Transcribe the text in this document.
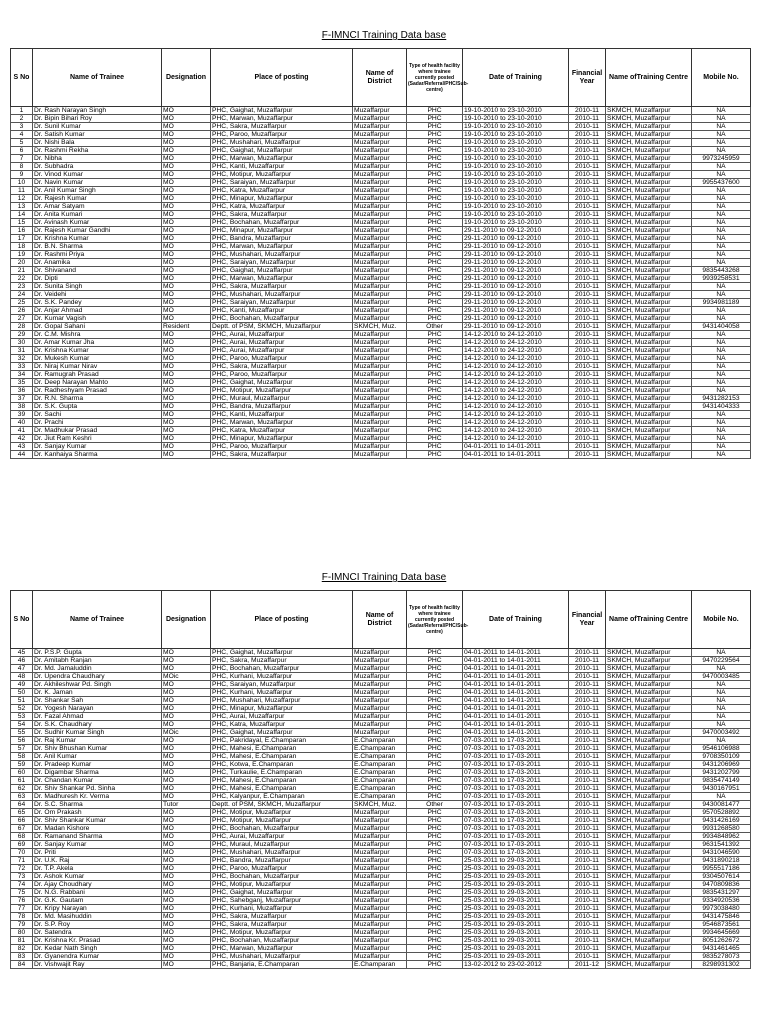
F-IMNCI Training Data base
S No	Name of Trainee	Designation	Place of posting	Name of District	Type of health facility where trainee currently posted (Sadar/Referral/PHC/Sub-centre)	Date of Training	Financial Year	Name ofTraining Centre	Mobile No.
1	Dr. Rash Narayan Singh	MO	PHC, Gaighat, Muzaffarpur	Muzaffarpur	PHC	19-10-2010 to 23-10-2010	2010-11	SKMCH, Muzaffarpur	NA
2	Dr. Bipin Bihari Roy	MO	PHC, Marwan, Muzaffarpur	Muzaffarpur	PHC	19-10-2010 to 23-10-2010	2010-11	SKMCH, Muzaffarpur	NA
3	Dr. Sunil Kumar	MO	PHC, Sakra, Muzaffarpur	Muzaffarpur	PHC	19-10-2010 to 23-10-2010	2010-11	SKMCH, Muzaffarpur	NA
4	Dr. Satish Kumar	MO	PHC, Paroo, Muzaffarpur	Muzaffarpur	PHC	19-10-2010 to 23-10-2010	2010-11	SKMCH, Muzaffarpur	NA
5	Dr. Nishi Bala	MO	PHC, Mushahari, Muzaffarpur	Muzaffarpur	PHC	19-10-2010 to 23-10-2010	2010-11	SKMCH, Muzaffarpur	NA
6	Dr. Rashmi Rekha	MO	PHC, Gaighat, Muzaffarpur	Muzaffarpur	PHC	19-10-2010 to 23-10-2010	2010-11	SKMCH, Muzaffarpur	NA
7	Dr. Nibha	MO	PHC, Marwan, Muzaffarpur	Muzaffarpur	PHC	19-10-2010 to 23-10-2010	2010-11	SKMCH, Muzaffarpur	9973245959
8	Dr. Subhadra	MO	PHC, Kanti, Muzaffarpur	Muzaffarpur	PHC	19-10-2010 to 23-10-2010	2010-11	SKMCH, Muzaffarpur	NA
9	Dr. Vinod Kumar	MO	PHC, Motipur, Muzaffarpur	Muzaffarpur	PHC	19-10-2010 to 23-10-2010	2010-11	SKMCH, Muzaffarpur	NA
10	Dr. Navin Kumar	MO	PHC, Saraiyan, Muzaffarpur	Muzaffarpur	PHC	19-10-2010 to 23-10-2010	2010-11	SKMCH, Muzaffarpur	9955437600
11	Dr. Anil Kumar Singh	MO	PHC, Katra, Muzaffarpur	Muzaffarpur	PHC	19-10-2010 to 23-10-2010	2010-11	SKMCH, Muzaffarpur	NA
12	Dr. Rajesh Kumar	MO	PHC, Minapur, Muzaffarpur	Muzaffarpur	PHC	19-10-2010 to 23-10-2010	2010-11	SKMCH, Muzaffarpur	NA
13	Dr. Amar Satyam	MO	PHC, Katra, Muzaffarpur	Muzaffarpur	PHC	19-10-2010 to 23-10-2010	2010-11	SKMCH, Muzaffarpur	NA
14	Dr. Anita Kumari	MO	PHC, Sakra, Muzaffarpur	Muzaffarpur	PHC	19-10-2010 to 23-10-2010	2010-11	SKMCH, Muzaffarpur	NA
15	Dr. Avinash Kumar	MO	PHC, Bochahan, Muzaffarpur	Muzaffarpur	PHC	19-10-2010 to 23-10-2010	2010-11	SKMCH, Muzaffarpur	NA
16	Dr. Rajesh Kumar Gandhi	MO	PHC, Minapur, Muzaffarpur	Muzaffarpur	PHC	29-11-2010 to 09-12-2010	2010-11	SKMCH, Muzaffarpur	NA
17	Dr. Krishna Kumar	MO	PHC, Bandra, Muzaffarpur	Muzaffarpur	PHC	29-11-2010 to 09-12-2010	2010-11	SKMCH, Muzaffarpur	NA
18	Dr. B.N. Sharma	MO	PHC, Marwan, Muzaffarpur	Muzaffarpur	PHC	29-11-2010 to 09-12-2010	2010-11	SKMCH, Muzaffarpur	NA
19	Dr. Rashmi Priya	MO	PHC, Mushahari, Muzaffarpur	Muzaffarpur	PHC	29-11-2010 to 09-12-2010	2010-11	SKMCH, Muzaffarpur	NA
20	Dr. Anamika	MO	PHC, Saraiyan, Muzaffarpur	Muzaffarpur	PHC	29-11-2010 to 09-12-2010	2010-11	SKMCH, Muzaffarpur	NA
21	Dr. Shivanand	MO	PHC, Gaighat, Muzaffarpur	Muzaffarpur	PHC	29-11-2010 to 09-12-2010	2010-11	SKMCH, Muzaffarpur	9835443268
22	Dr. Dipti	MO	PHC, Marwan, Muzaffarpur	Muzaffarpur	PHC	29-11-2010 to 09-12-2010	2010-11	SKMCH, Muzaffarpur	9939258531
23	Dr. Sunita Singh	MO	PHC, Sakra, Muzaffarpur	Muzaffarpur	PHC	29-11-2010 to 09-12-2010	2010-11	SKMCH, Muzaffarpur	NA
24	Dr. Veidehi	MO	PHC, Mushahari, Muzaffarpur	Muzaffarpur	PHC	29-11-2010 to 09-12-2010	2010-11	SKMCH, Muzaffarpur	NA
25	Dr. S.K. Pandey	MO	PHC, Saraiyan, Muzaffarpur	Muzaffarpur	PHC	29-11-2010 to 09-12-2010	2010-11	SKMCH, Muzaffarpur	9934981189
26	Dr. Anjar Ahmad	MO	PHC, Kanti, Muzaffarpur	Muzaffarpur	PHC	29-11-2010 to 09-12-2010	2010-11	SKMCH, Muzaffarpur	NA
27	Dr. Kumar Vagish	MO	PHC, Bochahan, Muzaffarpur	Muzaffarpur	PHC	29-11-2010 to 09-12-2010	2010-11	SKMCH, Muzaffarpur	NA
28	Dr. Gopal Sahani	Resident	Deptt. of PSM, SKMCH, Muzaffarpur	SKMCH, Muz.	Other	29-11-2010 to 09-12-2010	2010-11	SKMCH, Muzaffarpur	9431404058
29	Dr. C.M. Mishra	MO	PHC, Aurai, Muzaffarpur	Muzaffarpur	PHC	14-12-2010 to 24-12-2010	2010-11	SKMCH, Muzaffarpur	NA
30	Dr. Amar Kumar Jha	MO	PHC, Aurai, Muzaffarpur	Muzaffarpur	PHC	14-12-2010 to 24-12-2010	2010-11	SKMCH, Muzaffarpur	NA
31	Dr. Krishna Kumar	MO	PHC, Aurai, Muzaffarpur	Muzaffarpur	PHC	14-12-2010 to 24-12-2010	2010-11	SKMCH, Muzaffarpur	NA
32	Dr. Mukesh Kumar	MO	PHC, Paroo, Muzaffarpur	Muzaffarpur	PHC	14-12-2010 to 24-12-2010	2010-11	SKMCH, Muzaffarpur	NA
33	Dr. Niraj Kumar Nirav	MO	PHC, Sakra, Muzaffarpur	Muzaffarpur	PHC	14-12-2010 to 24-12-2010	2010-11	SKMCH, Muzaffarpur	NA
34	Dr. Ramugrah Prasad	MO	PHC, Paroo, Muzaffarpur	Muzaffarpur	PHC	14-12-2010 to 24-12-2010	2010-11	SKMCH, Muzaffarpur	NA
35	Dr. Deep Narayan Mahto	MO	PHC, Gaighat, Muzaffarpur	Muzaffarpur	PHC	14-12-2010 to 24-12-2010	2010-11	SKMCH, Muzaffarpur	NA
36	Dr. Radheshyam Prasad	MO	PHC, Motipur, Muzaffarpur	Muzaffarpur	PHC	14-12-2010 to 24-12-2010	2010-11	SKMCH, Muzaffarpur	NA
37	Dr. R.N. Sharma	MO	PHC, Muraul, Muzaffarpur	Muzaffarpur	PHC	14-12-2010 to 24-12-2010	2010-11	SKMCH, Muzaffarpur	9431282153
38	Dr. S.K. Gupta	MO	PHC, Bandra, Muzaffarpur	Muzaffarpur	PHC	14-12-2010 to 24-12-2010	2010-11	SKMCH, Muzaffarpur	9431404333
39	Dr. Sachi	MO	PHC, Kanti, Muzaffarpur	Muzaffarpur	PHC	14-12-2010 to 24-12-2010	2010-11	SKMCH, Muzaffarpur	NA
40	Dr. Prachi	MO	PHC, Marwan, Muzaffarpur	Muzaffarpur	PHC	14-12-2010 to 24-12-2010	2010-11	SKMCH, Muzaffarpur	NA
41	Dr. Madhukar Prasad	MO	PHC, Katra, Muzaffarpur	Muzaffarpur	PHC	14-12-2010 to 24-12-2010	2010-11	SKMCH, Muzaffarpur	NA
42	Dr. Jiut Ram Keshri	MO	PHC, Minapur, Muzaffarpur	Muzaffarpur	PHC	14-12-2010 to 24-12-2010	2010-11	SKMCH, Muzaffarpur	NA
43	Dr. Sanjay Kumar	MO	PHC, Paroo, Muzaffarpur	Muzaffarpur	PHC	04-01-2011 to 14-01-2011	2010-11	SKMCH, Muzaffarpur	NA
44	Dr. Kanhaiya Sharma	MO	PHC, Sakra, Muzaffarpur	Muzaffarpur	PHC	04-01-2011 to 14-01-2011	2010-11	SKMCH, Muzaffarpur	NA
F-IMNCI Training Data base
S No	Name of Trainee	Designation	Place of posting	Name of District	Type of health facility where trainee currently posted (Sadar/Referral/PHC/Sub-centre)	Date of Training	Financial Year	Name ofTraining Centre	Mobile No.
45	Dr. P.S.P. Gupta	MO	PHC, Gaighat, Muzaffarpur	Muzaffarpur	PHC	04-01-2011 to 14-01-2011	2010-11	SKMCH, Muzaffarpur	NA
46	Dr. Amitabh Ranjan	MO	PHC, Sakra, Muzaffarpur	Muzaffarpur	PHC	04-01-2011 to 14-01-2011	2010-11	SKMCH, Muzaffarpur	9470229564
47	Dr. Md. Jamaluddin	MO	PHC, Bochahan, Muzaffarpur	Muzaffarpur	PHC	04-01-2011 to 14-01-2011	2010-11	SKMCH, Muzaffarpur	NA
48	Dr. Upendra Chaudhary	MOic	PHC, Kurhani, Muzaffarpur	Muzaffarpur	PHC	04-01-2011 to 14-01-2011	2010-11	SKMCH, Muzaffarpur	9470003485
49	Dr. Akhileshwar Pd. Singh	MO	PHC, Saraiyan, Muzaffarpur	Muzaffarpur	PHC	04-01-2011 to 14-01-2011	2010-11	SKMCH, Muzaffarpur	NA
50	Dr. K. Jaman	MO	PHC, Kurhani, Muzaffarpur	Muzaffarpur	PHC	04-01-2011 to 14-01-2011	2010-11	SKMCH, Muzaffarpur	NA
51	Dr. Shankar Sah	MO	PHC, Mushahari, Muzaffarpur	Muzaffarpur	PHC	04-01-2011 to 14-01-2011	2010-11	SKMCH, Muzaffarpur	NA
52	Dr. Yogesh Narayan	MO	PHC, Minapur, Muzaffarpur	Muzaffarpur	PHC	04-01-2011 to 14-01-2011	2010-11	SKMCH, Muzaffarpur	NA
53	Dr. Fazal Ahmad	MO	PHC, Aurai, Muzaffarpur	Muzaffarpur	PHC	04-01-2011 to 14-01-2011	2010-11	SKMCH, Muzaffarpur	NA
54	Dr. S.K. Chaudhary	MO	PHC, Katra, Muzaffarpur	Muzaffarpur	PHC	04-01-2011 to 14-01-2011	2010-11	SKMCH, Muzaffarpur	NA
55	Dr. Sudhir Kumar Singh	MOic	PHC, Gaighat, Muzaffarpur	Muzaffarpur	PHC	04-01-2011 to 14-01-2011	2010-11	SKMCH, Muzaffarpur	9470003492
56	Dr. Raj Kumar	MO	PHC, Pakridayal, E.Champaran	E.Champaran	PHC	07-03-2011 to 17-03-2011	2010-11	SKMCH, Muzaffarpur	NA
57	Dr. Shiv Bhushan Kumar	MO	PHC, Mahesi, E.Champaran	E.Champaran	PHC	07-03-2011 to 17-03-2011	2010-11	SKMCH, Muzaffarpur	9546106988
58	Dr. Anil Kumar	MO	PHC, Mahesi, E.Champaran	E.Champaran	PHC	07-03-2011 to 17-03-2011	2010-11	SKMCH, Muzaffarpur	9708350109
59	Dr. Pradeep Kumar	MO	PHC, Kotwa, E.Champaran	E.Champaran	PHC	07-03-2011 to 17-03-2011	2010-11	SKMCH, Muzaffarpur	9431206969
60	Dr. Digambar Sharma	MO	PHC, Turkaulie, E.Champaran	E.Champaran	PHC	07-03-2011 to 17-03-2011	2010-11	SKMCH, Muzaffarpur	9431202799
61	Dr. Chandan Kumar	MO	PHC, Mahesi, E.Champaran	E.Champaran	PHC	07-03-2011 to 17-03-2011	2010-11	SKMCH, Muzaffarpur	9835474149
62	Dr. Shiv Shankar Pd. Sinha	MO	PHC, Mahesi, E.Champaran	E.Champaran	PHC	07-03-2011 to 17-03-2011	2010-11	SKMCH, Muzaffarpur	9430167951
63	Dr. Madhuresh Kr. Verma	MO	PHC, Kalyanpur, E.Champaran	E.Champaran	PHC	07-03-2011 to 17-03-2011	2010-11	SKMCH, Muzaffarpur	NA
64	Dr. S.C. Sharma	Tutor	Deptt. of PSM, SKMCH, Muzaffarpur	SKMCH, Muz.	Other	07-03-2011 to 17-03-2011	2010-11	SKMCH, Muzaffarpur	9430081477
65	Dr. Om Prakash	MO	PHC, Motipur, Muzaffarpur	Muzaffarpur	PHC	07-03-2011 to 17-03-2011	2010-11	SKMCH, Muzaffarpur	9570528892
66	Dr. Shiv Shankar Kumar	MO	PHC, Motipur, Muzaffarpur	Muzaffarpur	PHC	07-03-2011 to 17-03-2011	2010-11	SKMCH, Muzaffarpur	9431426169
67	Dr. Madan Kishore	MO	PHC, Bochahan, Muzaffarpur	Muzaffarpur	PHC	07-03-2011 to 17-03-2011	2010-11	SKMCH, Muzaffarpur	9931268580
68	Dr. Ramanand Sharma	MO	PHC, Aurai, Muzaffarpur	Muzaffarpur	PHC	07-03-2011 to 17-03-2011	2010-11	SKMCH, Muzaffarpur	9934848962
69	Dr. Sanjay Kumar	MO	PHC, Muraul, Muzaffarpur	Muzaffarpur	PHC	07-03-2011 to 17-03-2011	2010-11	SKMCH, Muzaffarpur	9631541392
70	Dr. Priti	MO	PHC, Mushahari, Muzaffarpur	Muzaffarpur	PHC	07-03-2011 to 17-03-2011	2010-11	SKMCH, Muzaffarpur	9431046590
71	Dr. U.K. Raj	MO	PHC, Bandra, Muzaffarpur	Muzaffarpur	PHC	25-03-2011 to 29-03-2011	2010-11	SKMCH, Muzaffarpur	9431890218
72	Dr. T.P. Akela	MO	PHC, Paroo, Muzaffarpur	Muzaffarpur	PHC	25-03-2011 to 29-03-2011	2010-11	SKMCH, Muzaffarpur	9955517186
73	Dr. Ashok Kumar	MO	PHC, Bochahan, Muzaffarpur	Muzaffarpur	PHC	25-03-2011 to 29-03-2011	2010-11	SKMCH, Muzaffarpur	9304507614
74	Dr. Ajay Choudhary	MO	PHC, Motipur, Muzaffarpur	Muzaffarpur	PHC	25-03-2011 to 29-03-2011	2010-11	SKMCH, Muzaffarpur	9470809836
75	Dr. N.G. Rabbani	MO	PHC, Gaighat, Muzaffarpur	Muzaffarpur	PHC	25-03-2011 to 29-03-2011	2010-11	SKMCH, Muzaffarpur	9835431297
76	Dr. G.K. Gautam	MO	PHC, Sahebganj, Muzaffarpur	Muzaffarpur	PHC	25-03-2011 to 29-03-2011	2010-11	SKMCH, Muzaffarpur	9334920536
77	Dr. Kripy Narayan	MO	PHC, Kurhani, Muzaffarpur	Muzaffarpur	PHC	25-03-2011 to 29-03-2011	2010-11	SKMCH, Muzaffarpur	9973038480
78	Dr. Md. Masihuddin	MO	PHC, Sakra, Muzaffarpur	Muzaffarpur	PHC	25-03-2011 to 29-03-2011	2010-11	SKMCH, Muzaffarpur	9431475846
79	Dr. S.P. Roy	MO	PHC, Sakra, Muzaffarpur	Muzaffarpur	PHC	25-03-2011 to 29-03-2011	2010-11	SKMCH, Muzaffarpur	9546873561
80	Dr. Satendra	MO	PHC, Motipur, Muzaffarpur	Muzaffarpur	PHC	25-03-2011 to 29-03-2011	2010-11	SKMCH, Muzaffarpur	9934645669
81	Dr. Krishna Kr. Prasad	MO	PHC, Bochahan, Muzaffarpur	Muzaffarpur	PHC	25-03-2011 to 29-03-2011	2010-11	SKMCH, Muzaffarpur	8051262672
82	Dr. Kedar Nath Singh	MO	PHC, Marwan, Muzaffarpur	Muzaffarpur	PHC	25-03-2011 to 29-03-2011	2010-11	SKMCH, Muzaffarpur	9431461465
83	Dr. Gyanendra Kumar	MO	PHC, Mushahari, Muzaffarpur	Muzaffarpur	PHC	25-03-2011 to 29-03-2011	2010-11	SKMCH, Muzaffarpur	9835278073
84	Dr. Vishwajit Ray	MO	PHC, Banjaria, E.Champaran	E.Champaran	PHC	13-02-2012 to 23-02-2012	2011-12	SKMCH, Muzaffarpur	8298931302
